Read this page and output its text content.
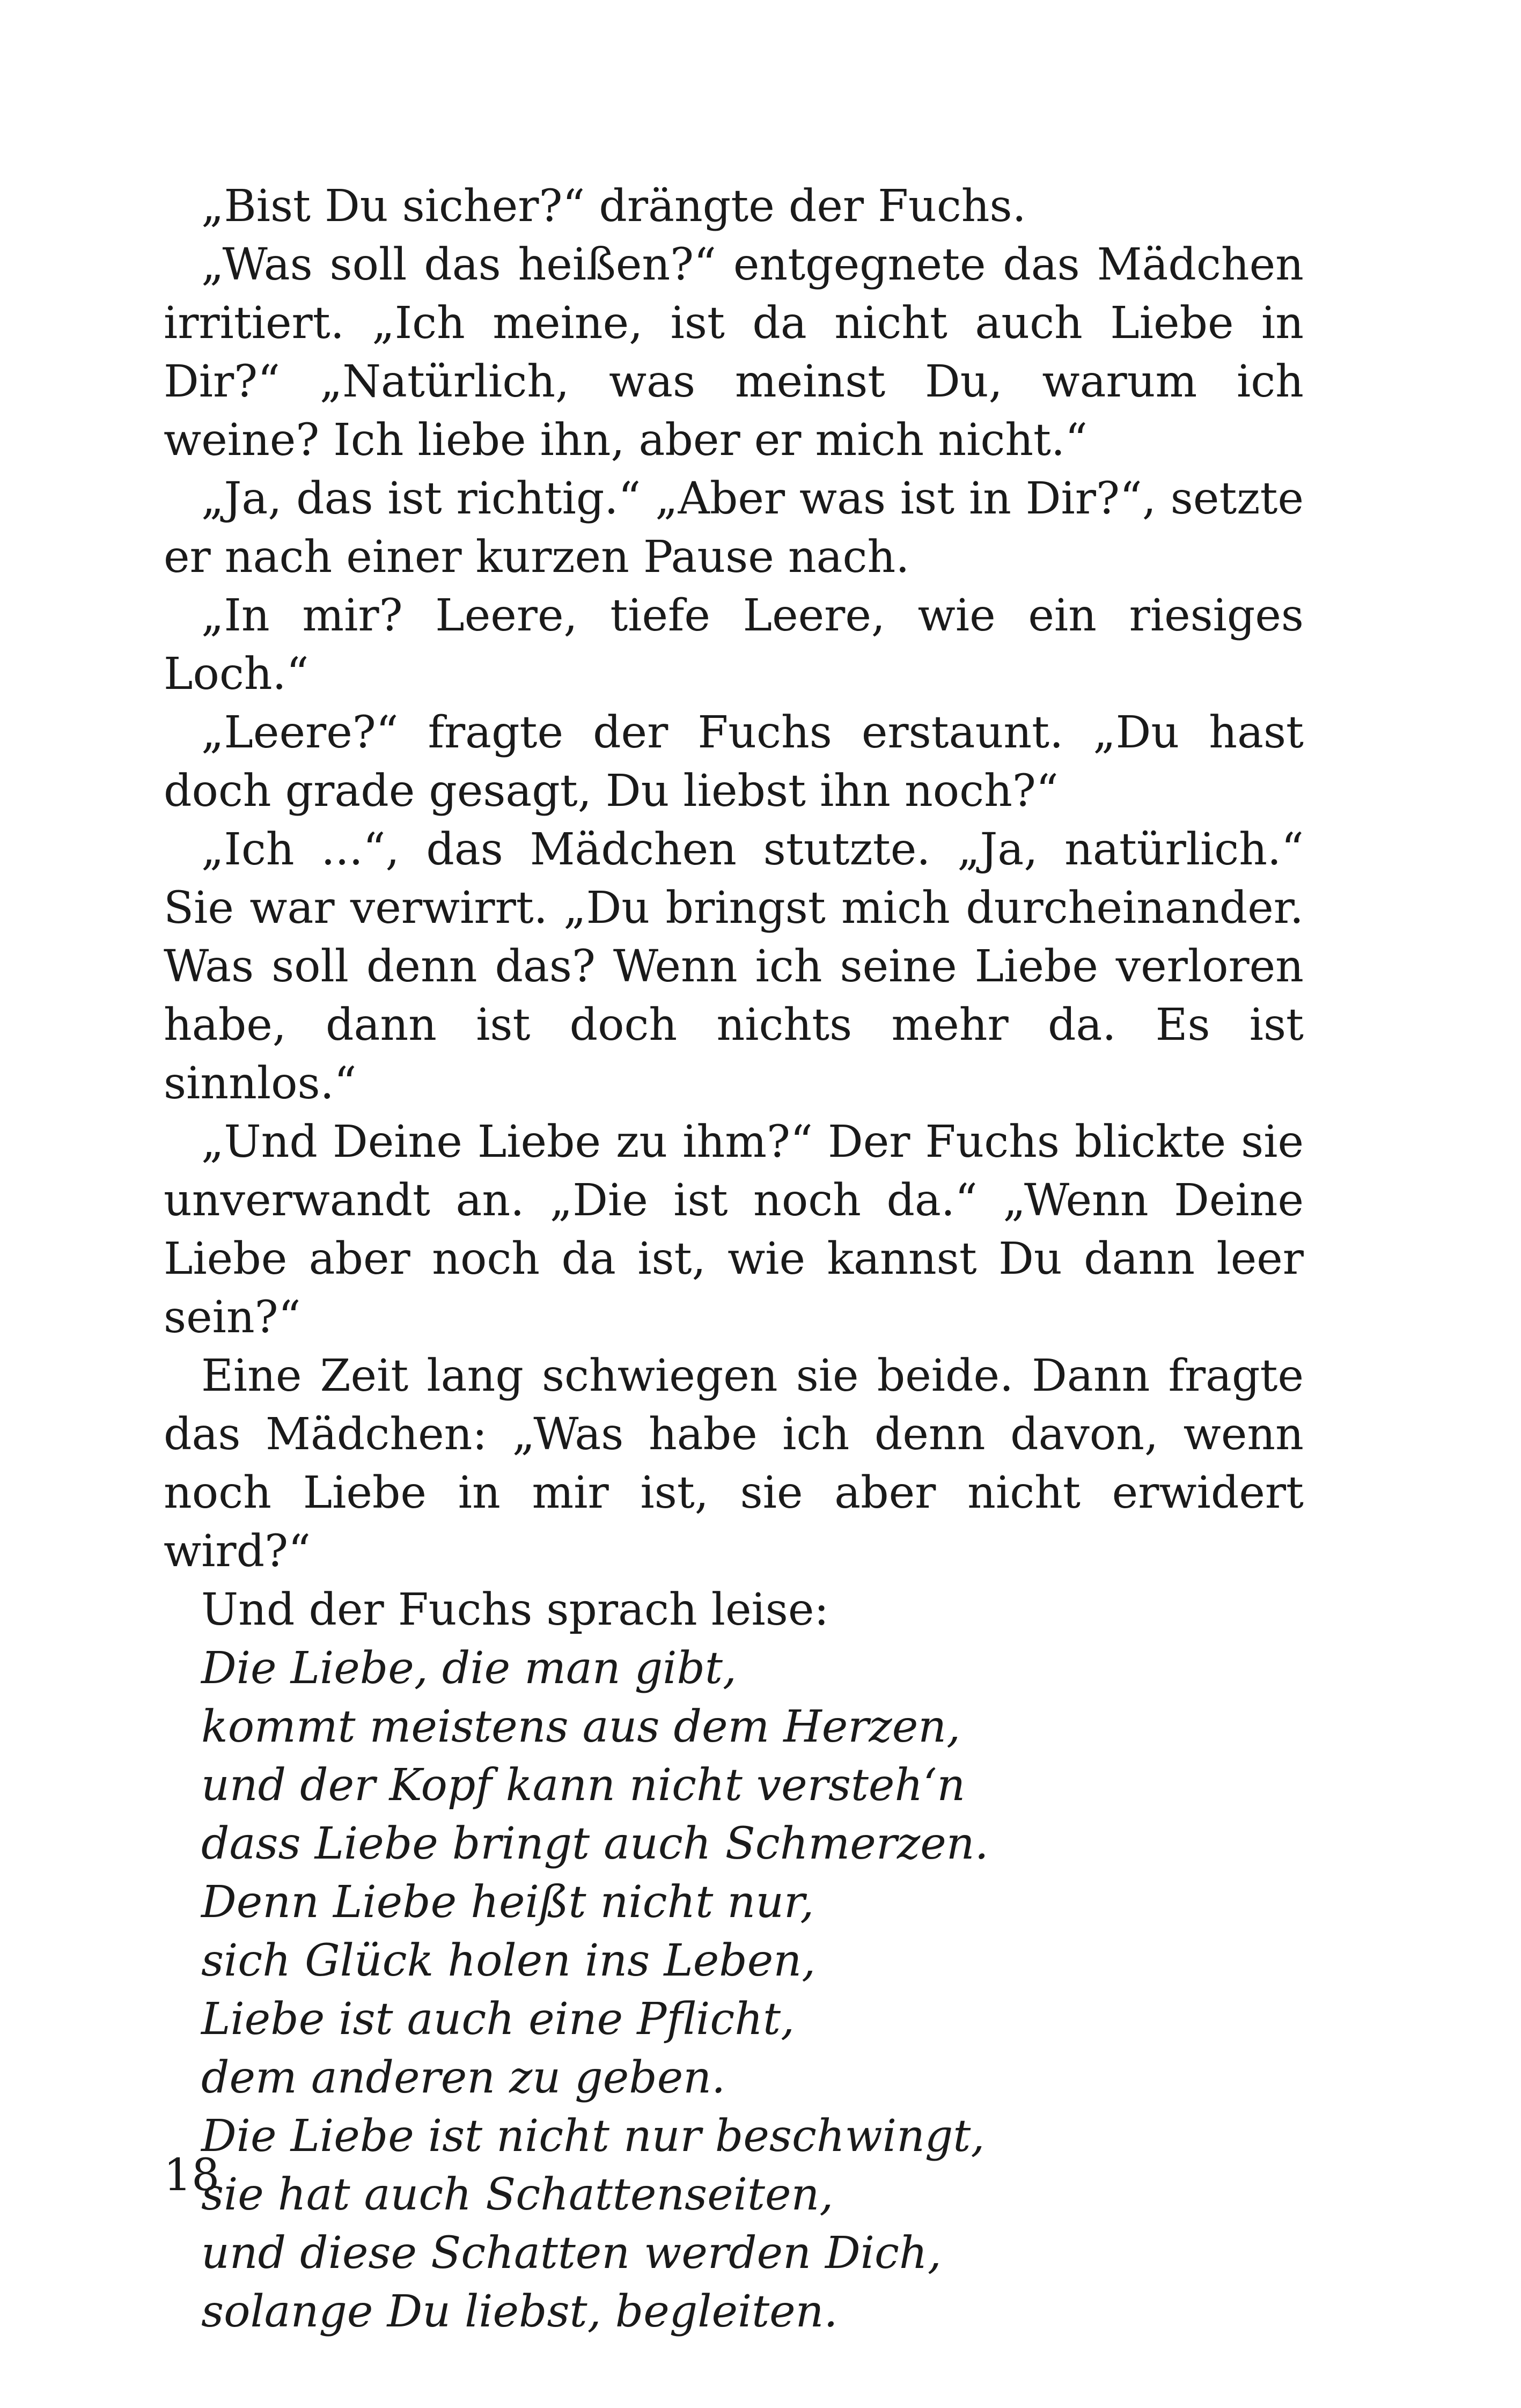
„Bist Du sicher?“ drängte der Fuchs.

„Was soll das heißen?“ entgegnete das Mädchen irritiert. „Ich meine, ist da nicht auch Liebe in Dir?“ „Natürlich, was meinst Du, warum ich weine? Ich liebe ihn, aber er mich nicht.“

„Ja, das ist richtig.“ „Aber was ist in Dir?“, setzte er nach einer kurzen Pause nach.

„In mir? Leere, tiefe Leere, wie ein riesiges Loch.“

„Leere?“ fragte der Fuchs erstaunt. „Du hast doch grade gesagt, Du liebst ihn noch?“

„Ich ...“, das Mädchen stutzte. „Ja, natürlich.“ Sie war verwirrt. „Du bringst mich durcheinander. Was soll denn das? Wenn ich seine Liebe verloren habe, dann ist doch nichts mehr da. Es ist sinnlos.“

„Und Deine Liebe zu ihm?“ Der Fuchs blickte sie unverwandt an. „Die ist noch da.“ „Wenn Deine Liebe aber noch da ist, wie kannst Du dann leer sein?“

Eine Zeit lang schwiegen sie beide. Dann fragte das Mädchen: „Was habe ich denn davon, wenn noch Liebe in mir ist, sie aber nicht erwidert wird?“

Und der Fuchs sprach leise:

Die Liebe, die man gibt,
kommt meistens aus dem Herzen,
und der Kopf kann nicht versteh‘n
dass Liebe bringt auch Schmerzen.
Denn Liebe heißt nicht nur,
sich Glück holen ins Leben,
Liebe ist auch eine Pflicht,
dem anderen zu geben.
Die Liebe ist nicht nur beschwingt,
sie hat auch Schattenseiten,
und diese Schatten werden Dich,
solange Du liebst, begleiten.
18
